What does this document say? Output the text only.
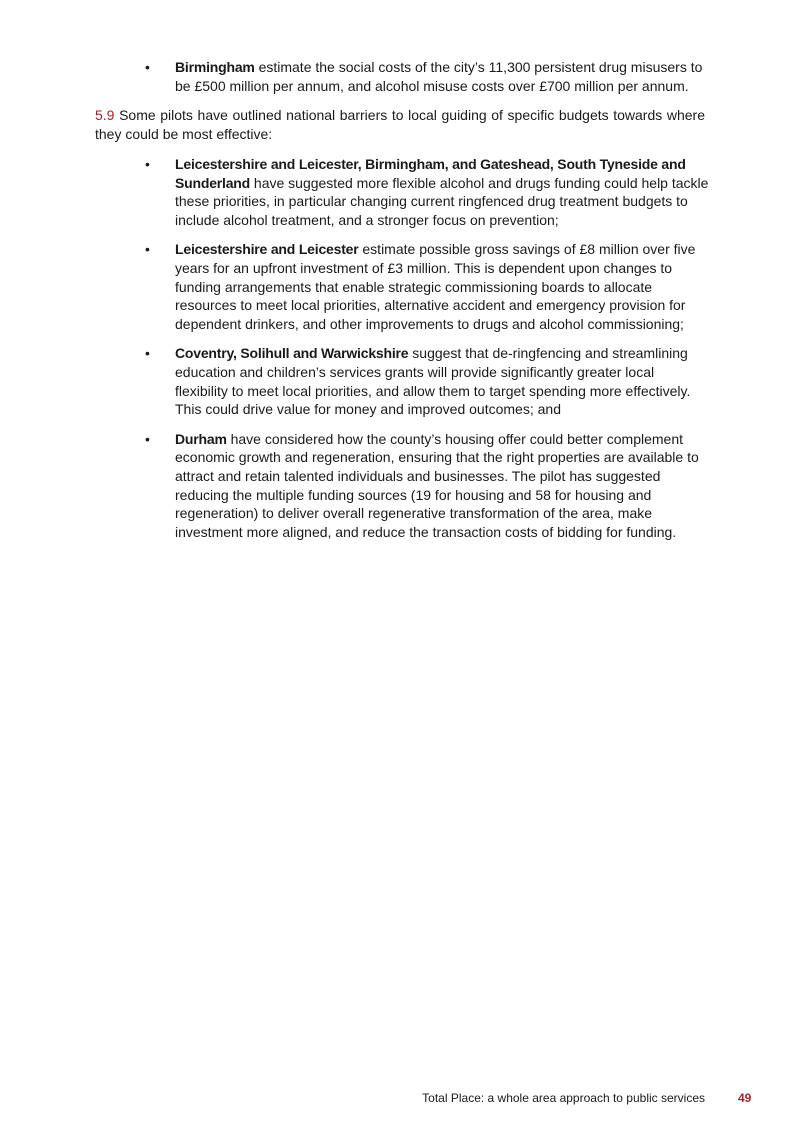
• Birmingham estimate the social costs of the city’s 11,300 persistent drug misusers to be £500 million per annum, and alcohol misuse costs over £700 million per annum.

5.9 Some pilots have outlined national barriers to local guiding of specific budgets towards where they could be most effective:

• Leicestershire and Leicester, Birmingham, and Gateshead, South Tyneside and Sunderland have suggested more flexible alcohol and drugs funding could help tackle these priorities, in particular changing current ringfenced drug treatment budgets to include alcohol treatment, and a stronger focus on prevention;
• Leicestershire and Leicester estimate possible gross savings of £8 million over five years for an upfront investment of £3 million. This is dependent upon changes to funding arrangements that enable strategic commissioning boards to allocate resources to meet local priorities, alternative accident and emergency provision for dependent drinkers, and other improvements to drugs and alcohol commissioning;
• Coventry, Solihull and Warwickshire suggest that de-ringfencing and streamlining education and children’s services grants will provide significantly greater local flexibility to meet local priorities, and allow them to target spending more effectively. This could drive value for money and improved outcomes; and
• Durham have considered how the county’s housing offer could better complement economic growth and regeneration, ensuring that the right properties are available to attract and retain talented individuals and businesses. The pilot has suggested reducing the multiple funding sources (19 for housing and 58 for housing and regeneration) to deliver overall regenerative transformation of the area, make investment more aligned, and reduce the transaction costs of bidding for funding.
Total Place: a whole area approach to public services	49
